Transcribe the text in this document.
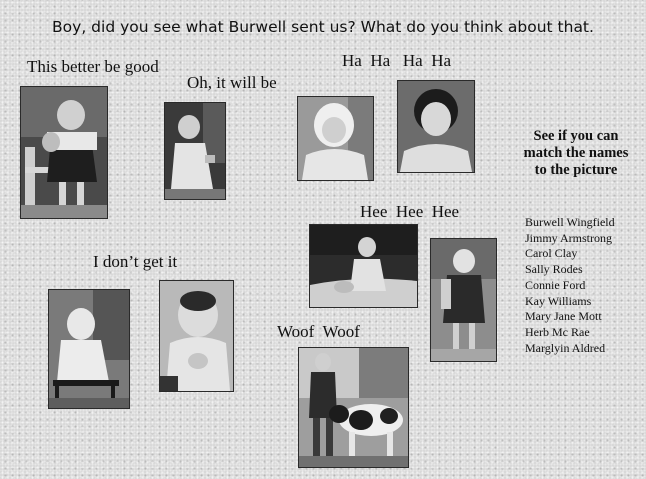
Boy, did you see what Burwell sent us? What do you think about that.
This better be good
Oh, it will be
Ha  Ha   Ha  Ha
Hee  Hee  Hee
I don’t get it
Woof  Woof
See if you can match the names to the picture
Burwell Wingfield
Jimmy Armstrong
Carol Clay
Sally Rodes
Connie Ford
Kay Williams
Mary Jane Mott
Herb Mc Rae
Marglyin Aldred
